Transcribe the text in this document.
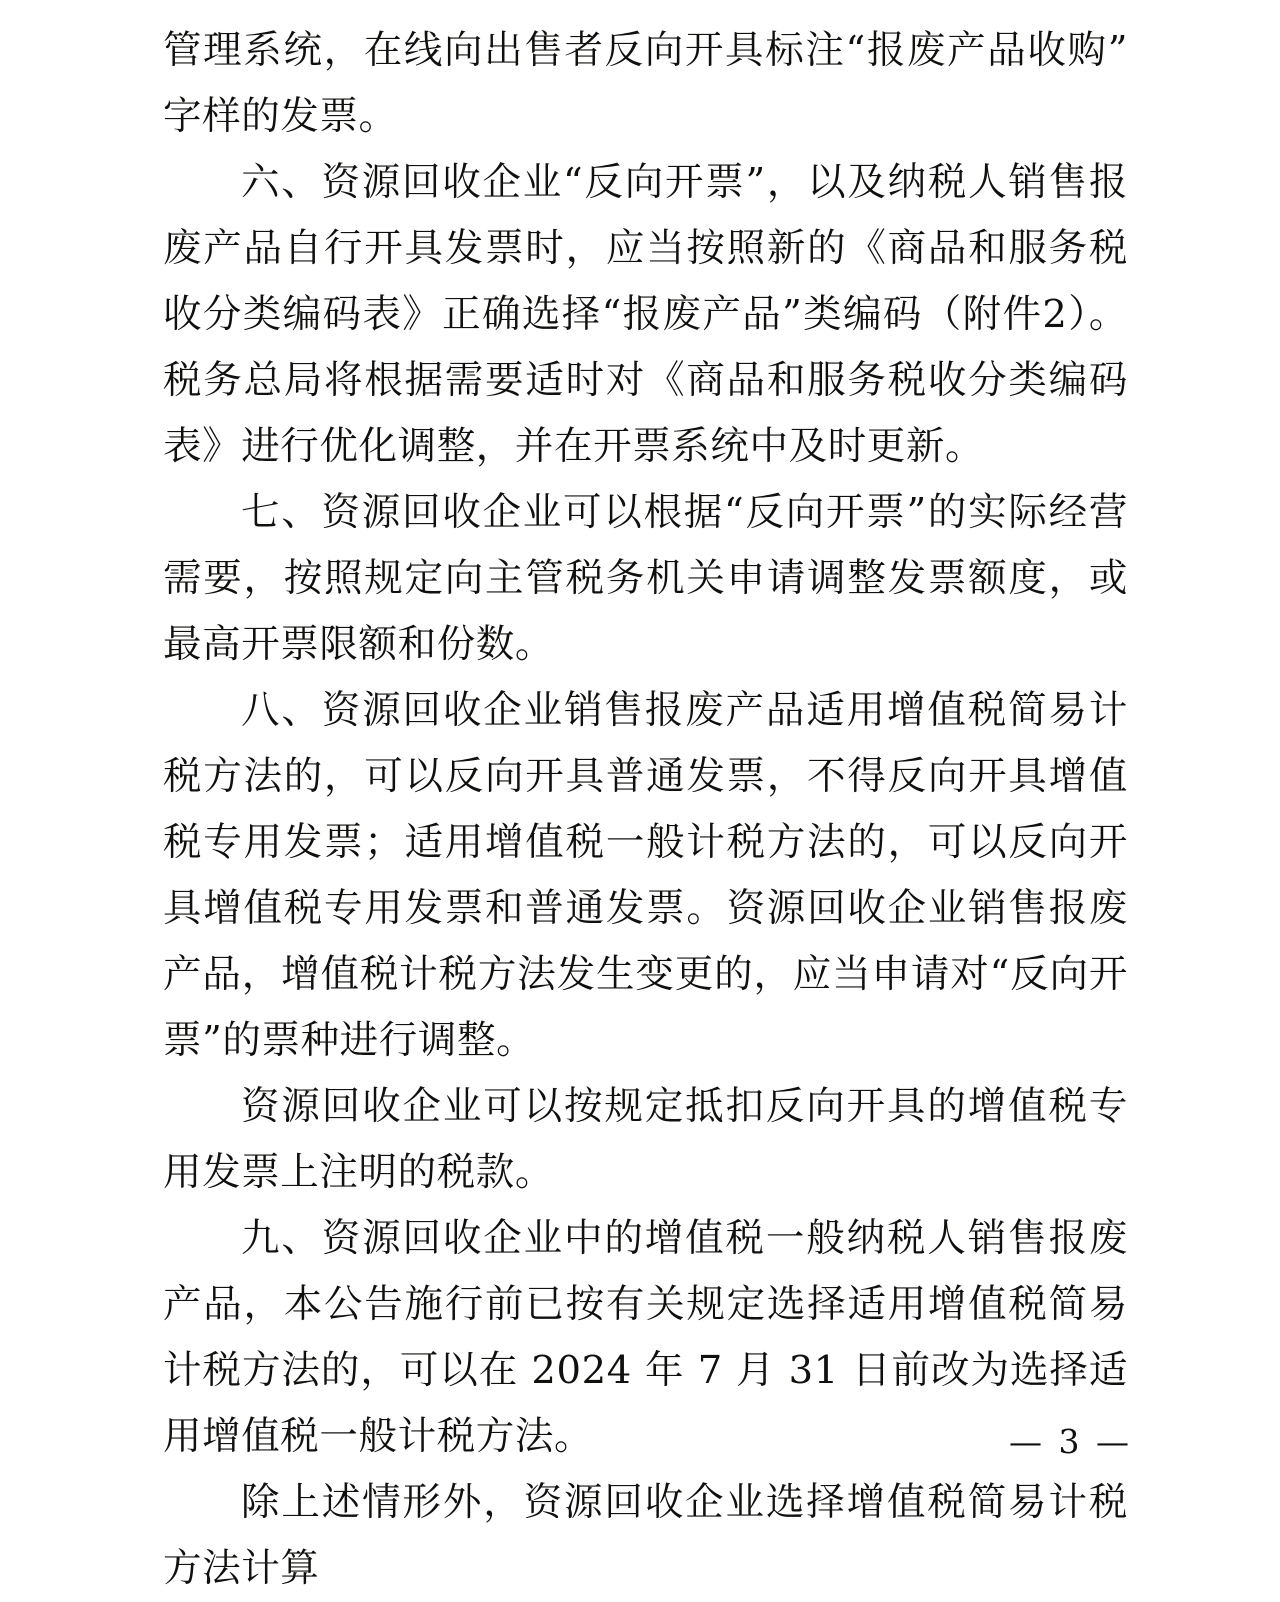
管理系统，在线向出售者反向开具标注“报废产品收购”字样的发票。

六、资源回收企业“反向开票”，以及纳税人销售报废产品自行开具发票时，应当按照新的《商品和服务税收分类编码表》正确选择“报废产品”类编码（附件2）。税务总局将根据需要适时对《商品和服务税收分类编码表》进行优化调整，并在开票系统中及时更新。

七、资源回收企业可以根据“反向开票”的实际经营需要，按照规定向主管税务机关申请调整发票额度，或最高开票限额和份数。

八、资源回收企业销售报废产品适用增值税简易计税方法的，可以反向开具普通发票，不得反向开具增值税专用发票；适用增值税一般计税方法的，可以反向开具增值税专用发票和普通发票。资源回收企业销售报废产品，增值税计税方法发生变更的，应当申请对“反向开票”的票种进行调整。

资源回收企业可以按规定抵扣反向开具的增值税专用发票上注明的税款。

九、资源回收企业中的增值税一般纳税人销售报废产品，本公告施行前已按有关规定选择适用增值税简易计税方法的，可以在 2024 年 7 月 31 日前改为选择适用增值税一般计税方法。

除上述情形外，资源回收企业选择增值税简易计税方法计算

— 3 —
